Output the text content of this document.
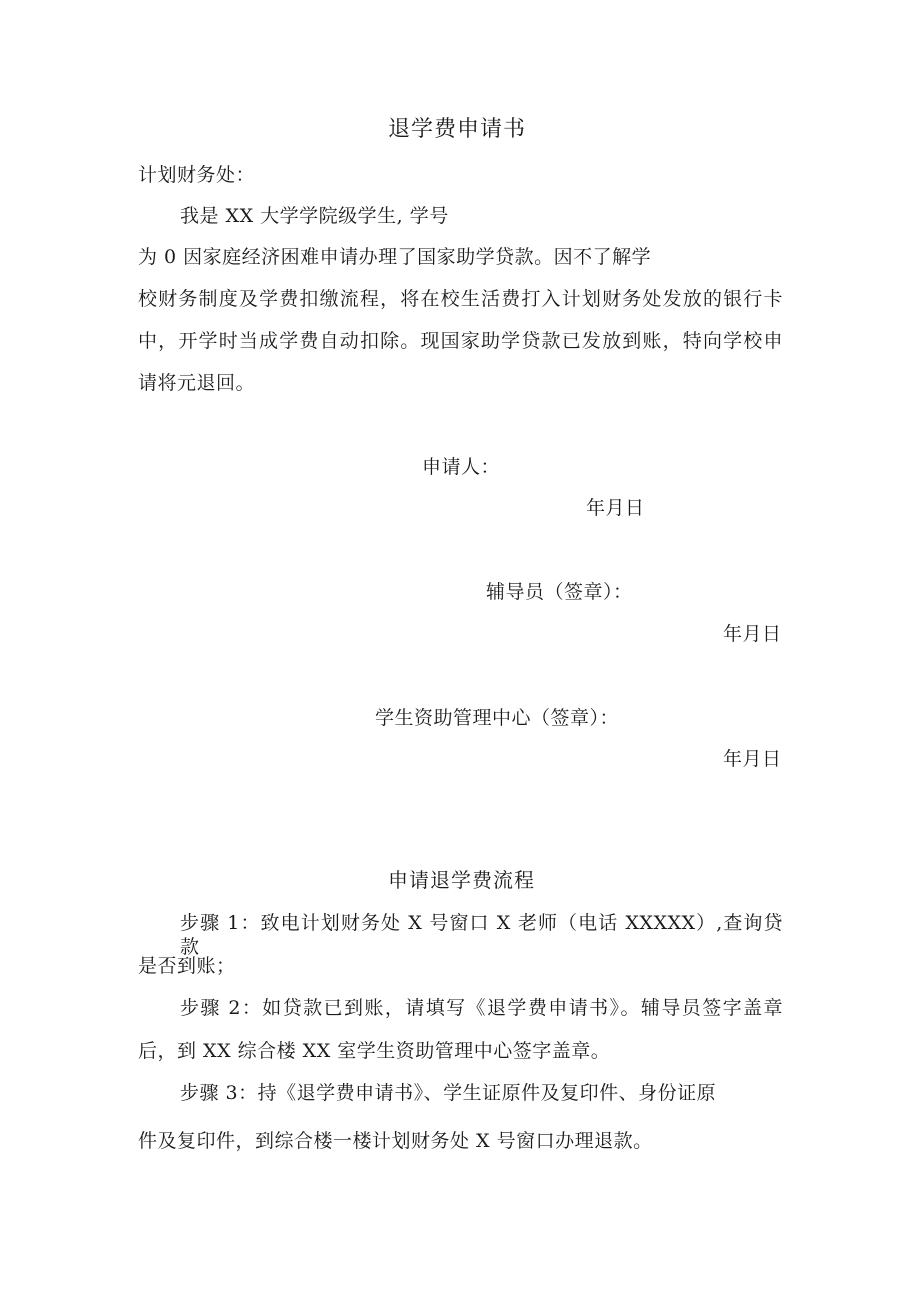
退学费申请书
计划财务处：
我是 XX 大学学院级学生, 学号
为 0 因家庭经济困难申请办理了国家助学贷款。因不了解学
校财务制度及学费扣缴流程，将在校生活费打入计划财务处发放的银行卡
中，开学时当成学费自动扣除。现国家助学贷款已发放到账，特向学校申
请将元退回。
申请人：
年月日
辅导员（签章）：
年月日
学生资助管理中心（签章）：
年月日
申请退学费流程
步骤 1：致电计划财务处 X 号窗口 X 老师（电话 XXXXX）,查询贷款
是否到账；
步骤 2：如贷款已到账，请填写《退学费申请书》。辅导员签字盖章
后，到 XX 综合楼 XX 室学生资助管理中心签字盖章。
步骤 3：持《退学费申请书》、学生证原件及复印件、身份证原
件及复印件，到综合楼一楼计划财务处 X 号窗口办理退款。
